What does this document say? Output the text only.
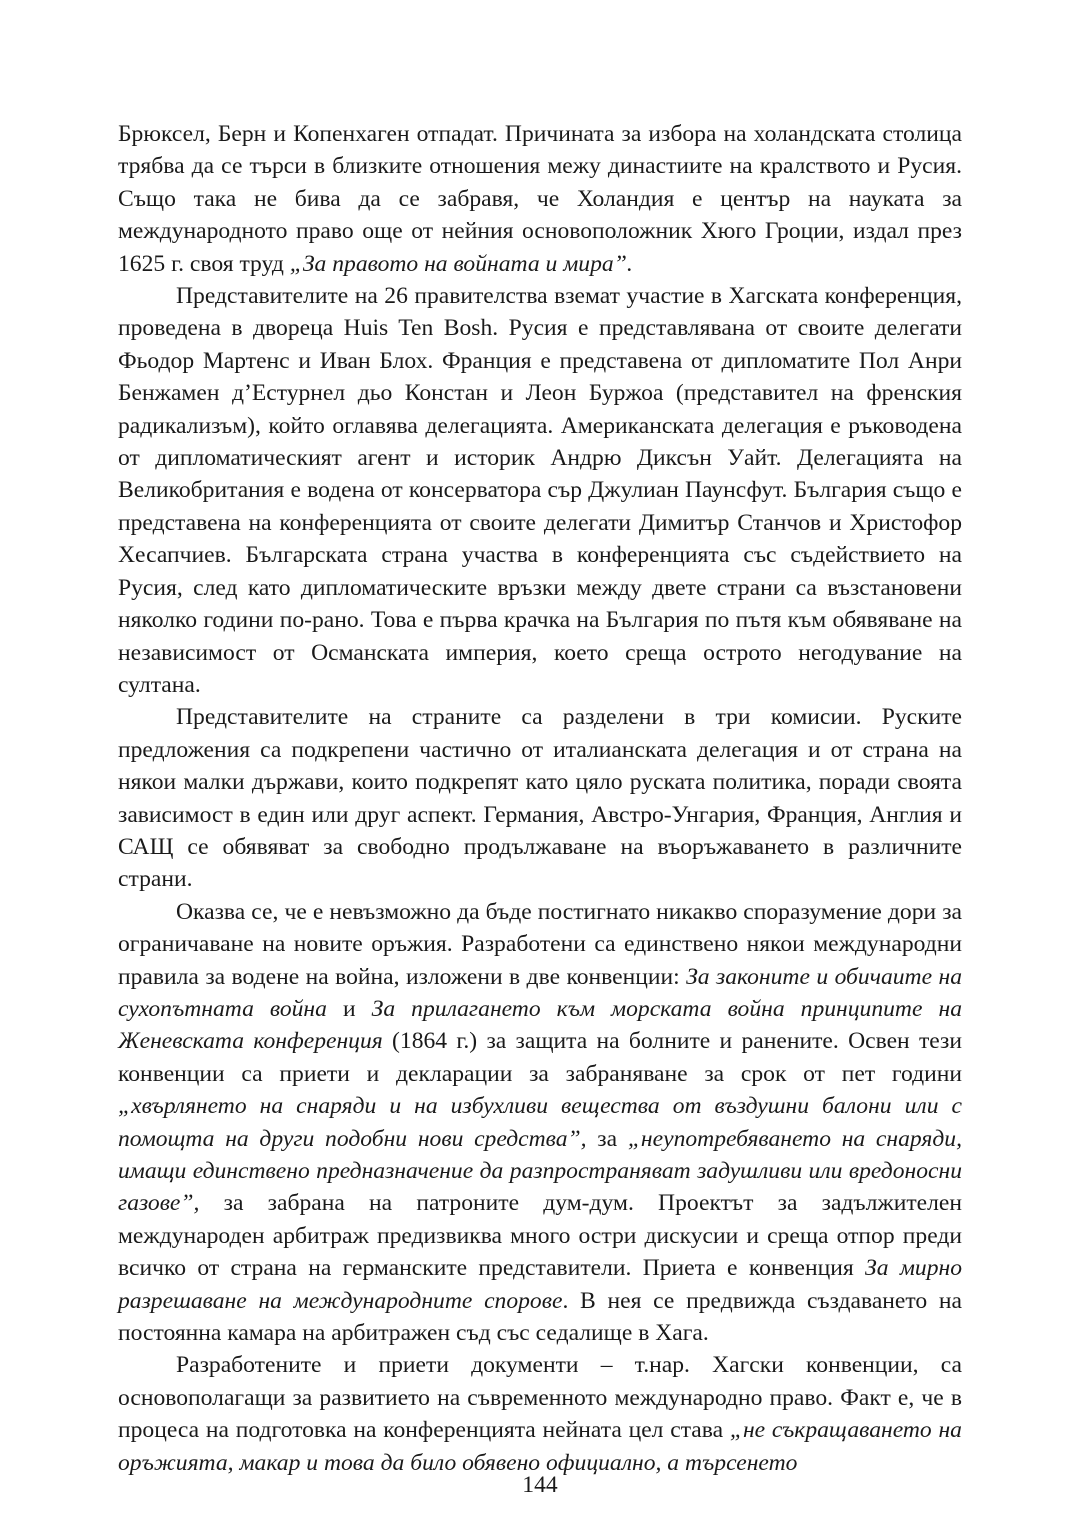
Брюксел, Берн и Копенхаген отпадат. Причината за избора на холандската столица трябва да се търси в близките отношения межу династиите на кралството и Русия. Също така не бива да се забравя, че Холандия е център на науката за международното право още от нейния основоположник Хюго Гроции, издал през 1625 г. своя труд „За правото на войната и мира”.

Представителите на 26 правителства вземат участие в Хагската конференция, проведена в двореца Huis Ten Bosh. Русия е представлявана от своите делегати Фьодор Мартенс и Иван Блох. Франция е представена от дипломатите Пол Анри Бенжамен д’Естурнел дьо Констан и Леон Буржоа (представител на френския радикализъм), който оглавява делегацията. Американската делегация е ръководена от дипломатическият агент и историк Андрю Диксън Уайт. Делегацията на Великобритания е водена от консерватора сър Джулиан Паунсфут. България също е представена на конференцията от своите делегати Димитър Станчов и Христофор Хесапчиев. Българската страна участва в конференцията със съдействието на Русия, след като дипломатическите връзки между двете страни са възстановени няколко години по-рано. Това е първа крачка на България по пътя към обявяване на независимост от Османската империя, което среща острото негодувание на султана.

Представителите на страните са разделени в три комисии. Руските предложения са подкрепени частично от италианската делегация и от страна на някои малки държави, които подкрепят като цяло руската политика, поради своята зависимост в един или друг аспект. Германия, Австро-Унгария, Франция, Англия и САЩ се обявяват за свободно продължаване на въоръжаването в различните страни.

Оказва се, че е невъзможно да бъде постигнато никакво споразумение дори за ограничаване на новите оръжия. Разработени са единствено някои международни правила за водене на война, изложени в две конвенции: За законите и обичаите на сухопътната война и За прилагането към морската война принципите на Женевската конференция (1864 г.) за защита на болните и ранените. Освен тези конвенции са приети и декларации за забраняване за срок от пет години „хвърлянето на снаряди и на избухливи вещества от въздушни балони или с помощта на други подобни нови средства”, за „неупотребяването на снаряди, имащи единствено предназначение да разпространяват задушливи или вредоносни газове”, за забрана на патроните дум-дум. Проектът за задължителен международен арбитраж предизвиква много остри дискусии и среща отпор преди всичко от страна на германските представители. Приета е конвенция За мирно разрешаване на международните спорове. В нея се предвижда създаването на постоянна камара на арбитражен съд със седалище в Хага.

Разработените и приети документи – т.нар. Хагски конвенции, са основополагащи за развитието на съвременното международно право. Факт е, че в процеса на подготовка на конференцията нейната цел става „не съкращаването на оръжията, макар и това да било обявено официално, а търсенето

144
